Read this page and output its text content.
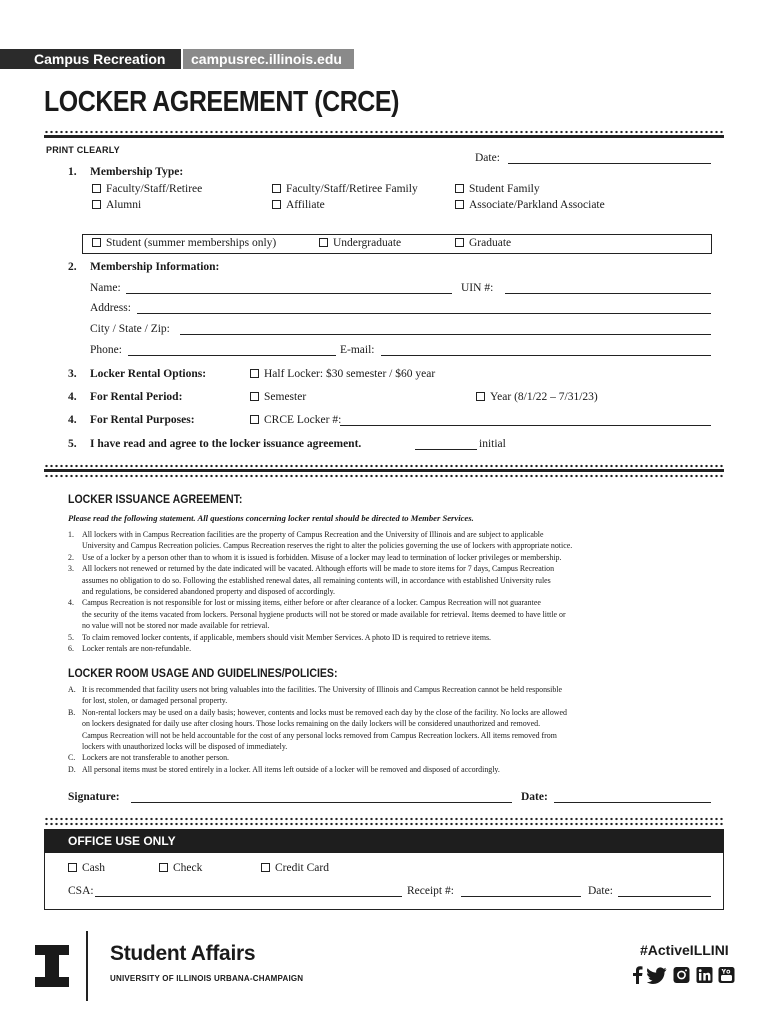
Campus Recreation	campusrec.illinois.edu
LOCKER AGREEMENT (CRCE)
PRINT CLEARLY
Date:
1. Membership Type:
Faculty/Staff/Retiree	Faculty/Staff/Retiree Family	Student Family
Alumni	Affiliate	Associate/Parkland Associate
Student (summer memberships only)	Undergraduate	Graduate
2. Membership Information:
Name:	UIN #:
Address:
City / State / Zip:
Phone:	E-mail:
3. Locker Rental Options:	Half Locker: $30 semester / $60 year
4. For Rental Period:	Semester	Year (8/1/22 – 7/31/23)
4. For Rental Purposes:	CRCE Locker #:
5. I have read and agree to the locker issuance agreement.	initial
LOCKER ISSUANCE AGREEMENT:
Please read the following statement. All questions concerning locker rental should be directed to Member Services.
1.	All lockers with in Campus Recreation facilities are the property of Campus Recreation and the University of Illinois and are subject to applicable
University and Campus Recreation policies. Campus Recreation reserves the right to alter the policies governing the use of lockers with appropriate notice.
2.	Use of a locker by a person other than to whom it is issued is forbidden. Misuse of a locker may lead to termination of locker privileges or membership.
3.	All lockers not renewed or returned by the date indicated will be vacated. Although efforts will be made to store items for 7 days, Campus Recreation
assumes no obligation to do so. Following the established renewal dates, all remaining contents will, in accordance with established University rules
and regulations, be considered abandoned property and disposed of accordingly.
4.	Campus Recreation is not responsible for lost or missing items, either before or after clearance of a locker. Campus Recreation will not guarantee
the security of the items vacated from lockers. Personal hygiene products will not be stored or made available for retrieval. Items deemed to have little or
no value will not be stored nor made available for retrieval.
5.	To claim removed locker contents, if applicable, members should visit Member Services. A photo ID is required to retrieve items.
6.	Locker rentals are non-refundable.
LOCKER ROOM USAGE AND GUIDELINES/POLICIES:
A. It is recommended that facility users not bring valuables into the facilities. The University of Illinois and Campus Recreation cannot be held responsible
for lost, stolen, or damaged personal property.
B. Non-rental lockers may be used on a daily basis; however, contents and locks must be removed each day by the close of the facility. No locks are allowed
on lockers designated for daily use after closing hours. Those locks remaining on the daily lockers will be considered unauthorized and removed.
Campus Recreation will not be held accountable for the cost of any personal locks removed from Campus Recreation lockers. All items removed from
lockers with unauthorized locks will be disposed of immediately.
C. Lockers are not transferable to another person.
D. All personal items must be stored entirely in a locker. All items left outside of a locker will be removed and disposed of accordingly.
Signature:	Date:
OFFICE USE ONLY
Cash	Check	Credit Card
CSA:	Receipt #:	Date:
Student Affairs
UNIVERSITY OF ILLINOIS URBANA-CHAMPAIGN
#ActiveILLINI
